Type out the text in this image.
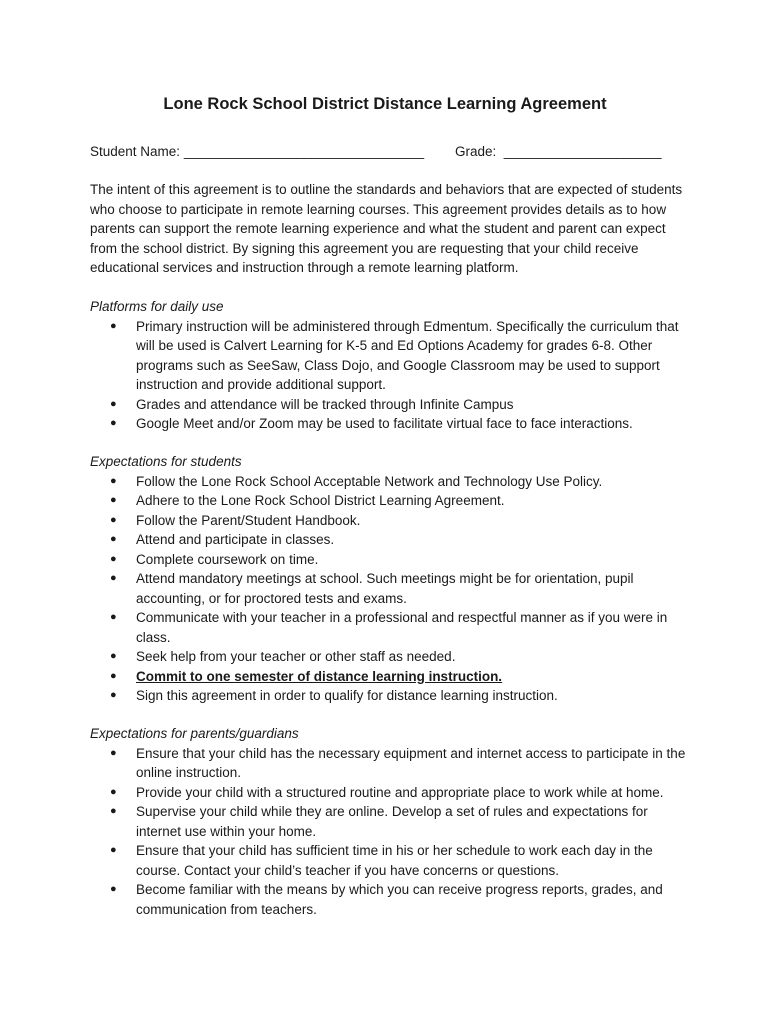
Lone Rock School District Distance Learning Agreement
Student Name: ________________________________ Grade: _____________________

The intent of this agreement is to outline the standards and behaviors that are expected of students who choose to participate in remote learning courses. This agreement provides details as to how parents can support the remote learning experience and what the student and parent can expect from the school district. By signing this agreement you are requesting that your child receive educational services and instruction through a remote learning platform.

Platforms for daily use

● Primary instruction will be administered through Edmentum. Specifically the curriculum that will be used is Calvert Learning for K-5 and Ed Options Academy for grades 6-8. Other programs such as SeeSaw, Class Dojo, and Google Classroom may be used to support instruction and provide additional support.
● Grades and attendance will be tracked through Infinite Campus
● Google Meet and/or Zoom may be used to facilitate virtual face to face interactions.

Expectations for students

● Follow the Lone Rock School Acceptable Network and Technology Use Policy.
● Adhere to the Lone Rock School District Learning Agreement.
● Follow the Parent/Student Handbook.
● Attend and participate in classes.
● Complete coursework on time.
● Attend mandatory meetings at school. Such meetings might be for orientation, pupil accounting, or for proctored tests and exams.
● Communicate with your teacher in a professional and respectful manner as if you were in class.
● Seek help from your teacher or other staff as needed.
● Commit to one semester of distance learning instruction.
● Sign this agreement in order to qualify for distance learning instruction.

Expectations for parents/guardians

● Ensure that your child has the necessary equipment and internet access to participate in the online instruction.
● Provide your child with a structured routine and appropriate place to work while at home.
● Supervise your child while they are online. Develop a set of rules and expectations for internet use within your home.
● Ensure that your child has sufficient time in his or her schedule to work each day in the course. Contact your child’s teacher if you have concerns or questions.
● Become familiar with the means by which you can receive progress reports, grades, and communication from teachers.
